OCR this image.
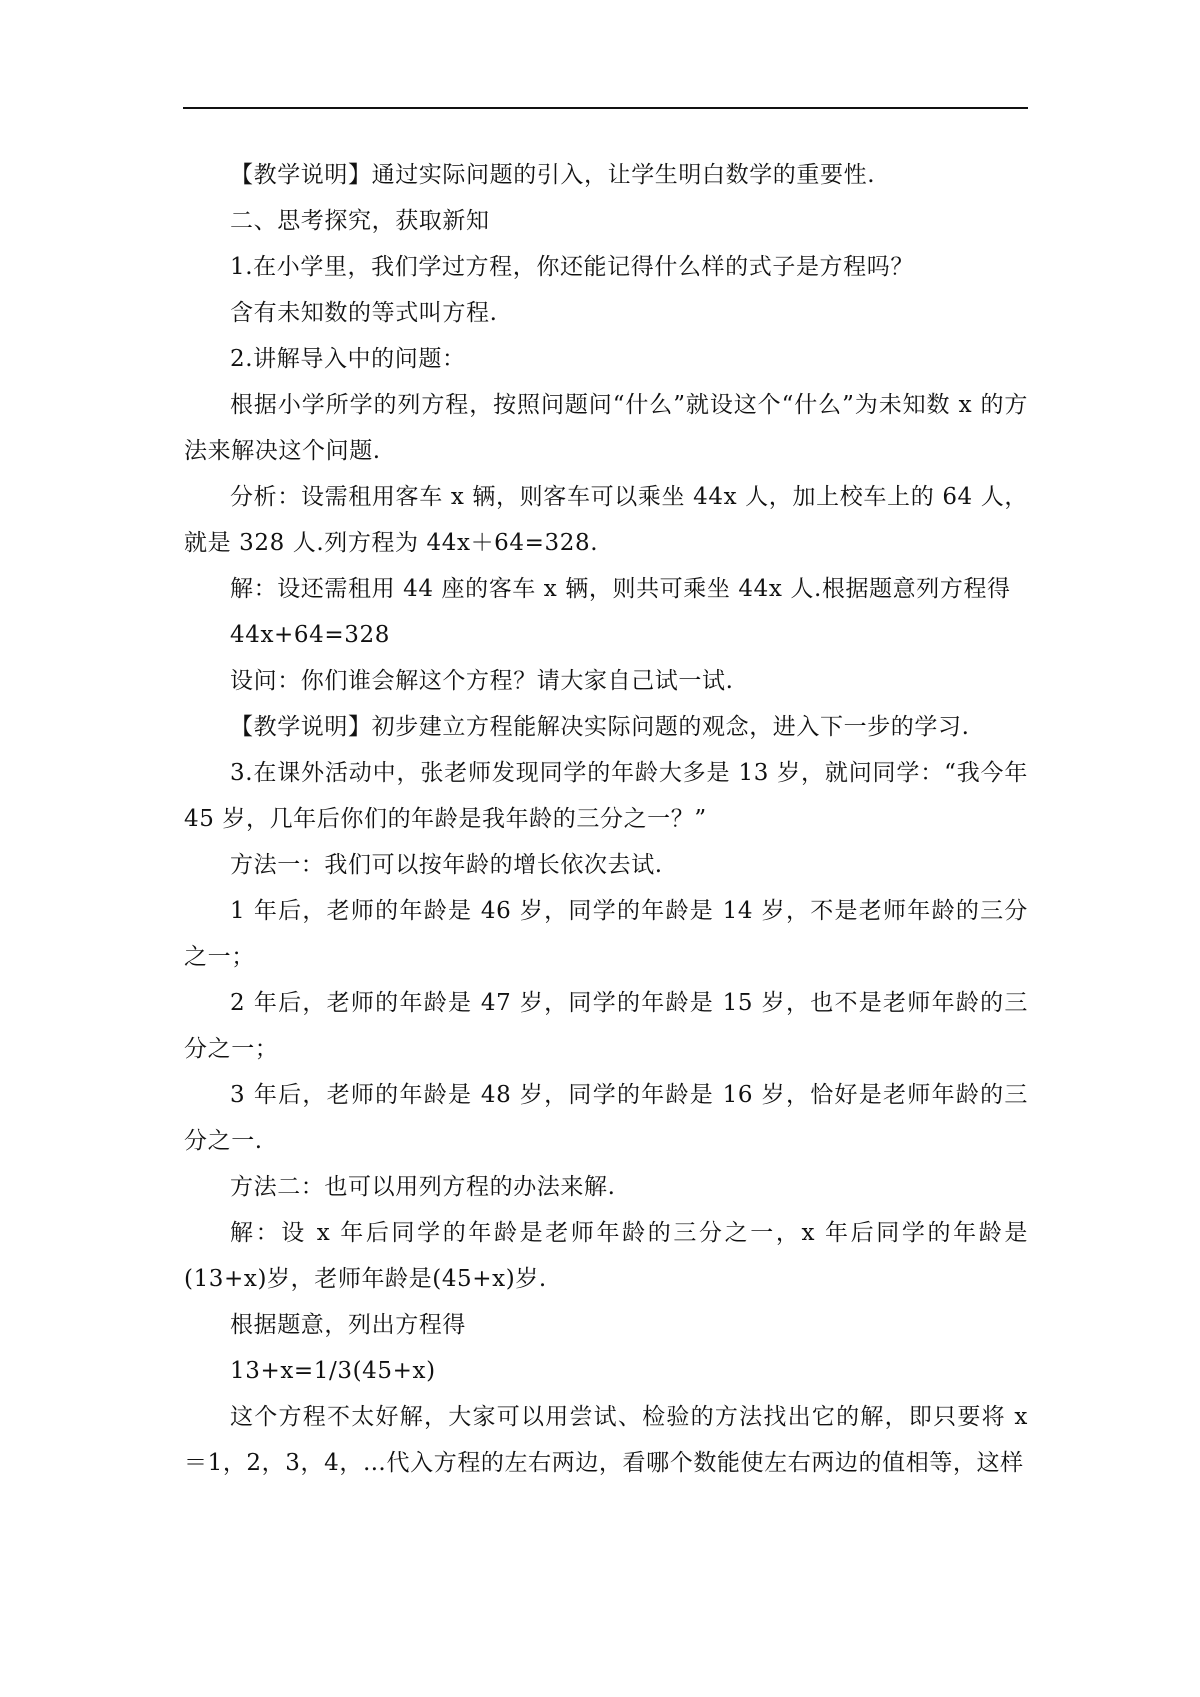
【教学说明】通过实际问题的引入，让学生明白数学的重要性.

二、思考探究，获取新知

1.在小学里，我们学过方程，你还能记得什么样的式子是方程吗？

含有未知数的等式叫方程.

2.讲解导入中的问题：

根据小学所学的列方程，按照问题问“什么”就设这个“什么”为未知数 x 的方法来解决这个问题.

分析：设需租用客车 x 辆，则客车可以乘坐 44x 人，加上校车上的 64 人，就是 328 人.列方程为 44x＋64=328.

解：设还需租用 44 座的客车 x 辆，则共可乘坐 44x 人.根据题意列方程得

44x+64=328

设问：你们谁会解这个方程？请大家自己试一试.

【教学说明】初步建立方程能解决实际问题的观念，进入下一步的学习.

3.在课外活动中，张老师发现同学的年龄大多是 13 岁，就问同学：“我今年 45 岁，几年后你们的年龄是我年龄的三分之一？”

方法一：我们可以按年龄的增长依次去试.

1 年后，老师的年龄是 46 岁，同学的年龄是 14 岁，不是老师年龄的三分之一；

2 年后，老师的年龄是 47 岁，同学的年龄是 15 岁，也不是老师年龄的三分之一；

3 年后，老师的年龄是 48 岁，同学的年龄是 16 岁，恰好是老师年龄的三分之一.

方法二：也可以用列方程的办法来解.

解：设 x 年后同学的年龄是老师年龄的三分之一，x 年后同学的年龄是(13+x)岁，老师年龄是(45+x)岁.

根据题意，列出方程得

13+x=1/3(45+x)

这个方程不太好解，大家可以用尝试、检验的方法找出它的解，即只要将 x＝1，2，3，4，…代入方程的左右两边，看哪个数能使左右两边的值相等，这样
